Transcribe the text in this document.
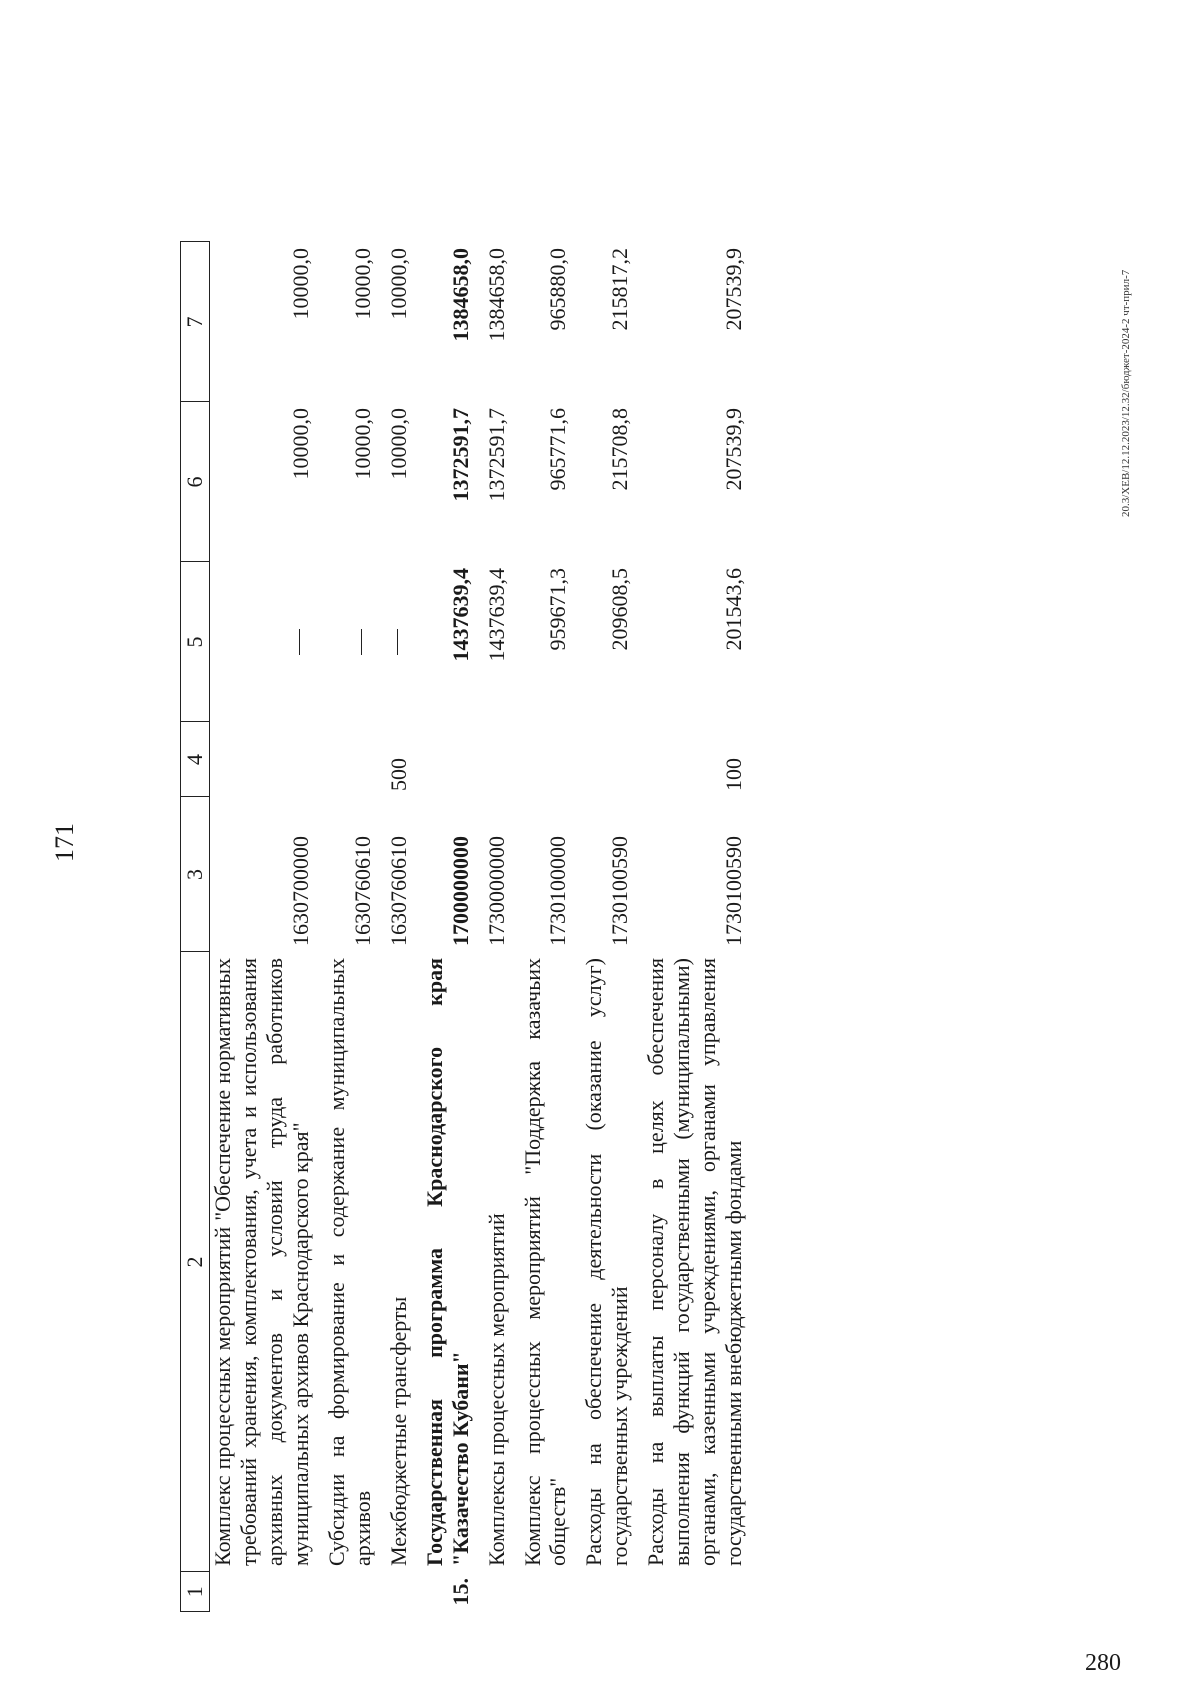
171
1	2	3	4	5	6	7
	Комплекс процессных мероприятий "Обеспечение нормативных требований хранения, комплектования, учета и использования архивных документов и условий труда работников муниципальных архивов Краснодарского края"	1630700000			10000,0	10000,0
	Субсидии на формирование и содержание муниципальных архивов	1630760610			10000,0	10000,0
	Межбюджетные трансферты	1630760610	500		10000,0	10000,0
15.	Государственная программа Краснодарского края "Казачество Кубани"	1700000000		1437639,4	1372591,7	1384658,0
	Комплексы процессных мероприятий	1730000000		1437639,4	1372591,7	1384658,0
	Комплекс процессных мероприятий "Поддержка казачьих обществ"	1730100000		959671,3	965771,6	965880,0
	Расходы на обеспечение деятельности (оказание услуг) государственных учреждений	1730100590		209608,5	215708,8	215817,2
	Расходы на выплаты персоналу в целях обеспечения выполнения функций государственными (муниципальными) органами, казенными учреждениями, органами управления государственными внебюджетными фондами	1730100590	100	201543,6	207539,9	207539,9	20.3/XEB/12.12.2023/12.32/бюджет-2024-2 чт-прил-7
280
